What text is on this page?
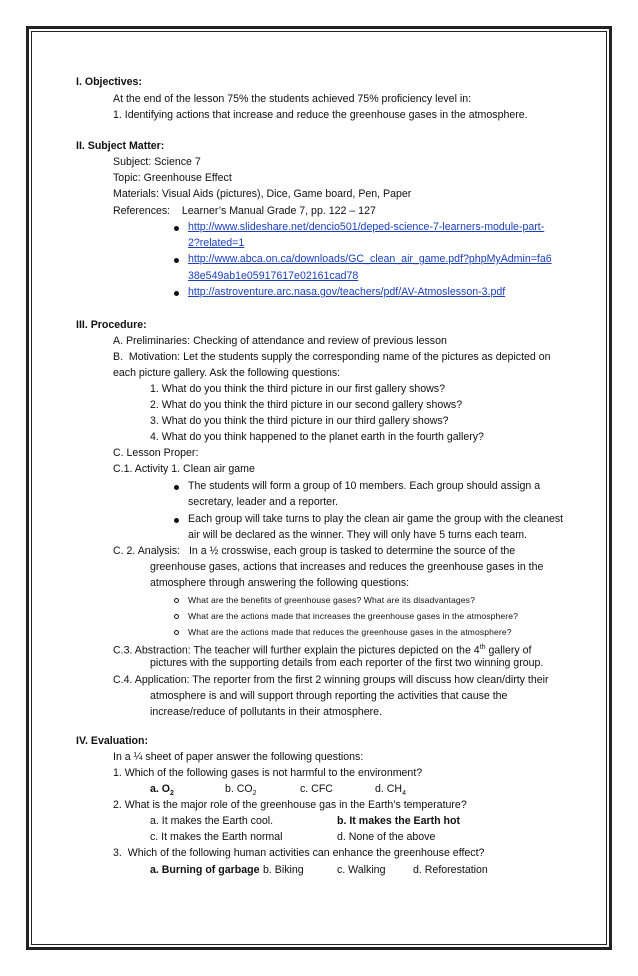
I. Objectives:
At the end of the lesson 75% the students achieved 75% proficiency level in:
1. Identifying actions that increase and reduce the greenhouse gases in the atmosphere.
II. Subject Matter:
Subject: Science 7
Topic: Greenhouse Effect
Materials: Visual Aids (pictures), Dice, Game board, Pen, Paper
References:    Learner’s Manual Grade 7, pp. 122 – 127
http://www.slideshare.net/dencio501/deped-science-7-learners-module-part-
2?related=1
http://www.abca.on.ca/downloads/GC_clean_air_game.pdf?phpMyAdmin=fa6
38e549ab1e05917617e02161cad78
http://astroventure.arc.nasa.gov/teachers/pdf/AV-Atmoslesson-3.pdf
III. Procedure:
A. Preliminaries: Checking of attendance and review of previous lesson
B.  Motivation: Let the students supply the corresponding name of the pictures as depicted on
each picture gallery. Ask the following questions:
1. What do you think the third picture in our first gallery shows?
2. What do you think the third picture in our second gallery shows?
3. What do you think the third picture in our third gallery shows?
4. What do you think happened to the planet earth in the fourth gallery?
C. Lesson Proper:
C.1. Activity 1. Clean air game
The students will form a group of 10 members. Each group should assign a
secretary, leader and a reporter.
Each group will take turns to play the clean air game the group with the cleanest
air will be declared as the winner. They will only have 5 turns each team.
C. 2. Analysis:   In a ½ crosswise, each group is tasked to determine the source of the
greenhouse gases, actions that increases and reduces the greenhouse gases in the
atmosphere through answering the following questions:
What are the benefits of greenhouse gases? What are its disadvantages?
What are the actions made that increases the greenhouse gases in the atmosphere?
What are the actions made that reduces the greenhouse gases in the atmosphere?
C.3. Abstraction: The teacher will further explain the pictures depicted on the 4th gallery of
pictures with the supporting details from each reporter of the first two winning group.
C.4. Application: The reporter from the first 2 winning groups will discuss how clean/dirty their
atmosphere is and will support through reporting the activities that cause the
increase/reduce of pollutants in their atmosphere.
IV. Evaluation:
In a ¼ sheet of paper answer the following questions:
1. Which of the following gases is not harmful to the environment?
a. $O_2$	b. $CO_2$	c. CFC	d. $CH_4$
2. What is the major role of the greenhouse gas in the Earth’s temperature?
a. It makes the Earth cool.	b. It makes the Earth hot
c. It makes the Earth normal	d. None of the above
3.  Which of the following human activities can enhance the greenhouse effect?
a. Burning of garbage b. Biking	c. Walking	d. Reforestation
